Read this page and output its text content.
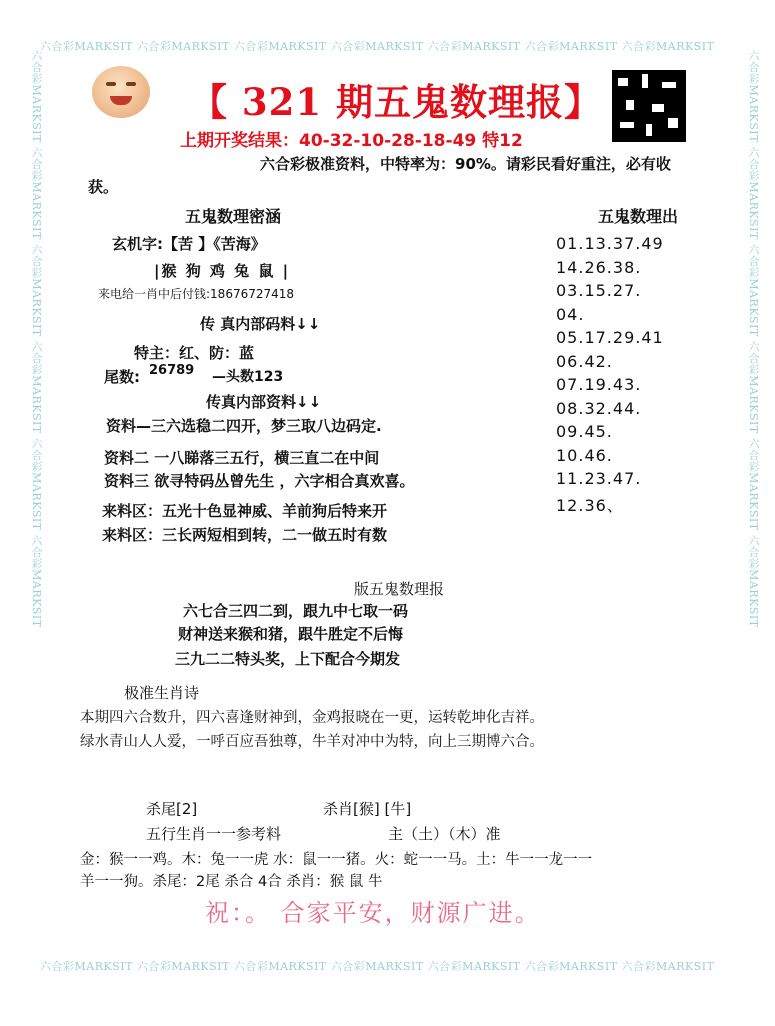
六合彩MARKSIT 六合彩MARKSIT 六合彩MARKSIT 六合彩MARKSIT 六合彩MARKSIT 六合彩MARKSIT 六合彩MARKSIT
六合彩MARKSIT 六合彩MARKSIT 六合彩MARKSIT 六合彩MARKSIT 六合彩MARKSIT 六合彩MARKSIT 六合彩MARKSIT
六合彩MARKSIT 六合彩MARKSIT 六合彩MARKSIT 六合彩MARKSIT 六合彩MARKSIT 六合彩MARKSIT	六合彩MARKSIT 六合彩MARKSIT 六合彩MARKSIT 六合彩MARKSIT 六合彩MARKSIT 六合彩MARKSIT
【 321 期五鬼数理报】
上期开奖结果：40-32-10-28-18-49 特12
六合彩极准资料，中特率为：90%。请彩民看好重注，必有收
获。
五鬼数理密涵	五鬼数理出
玄机字:【苦 】《苦海》
|猴 狗 鸡 兔 鼠 |
来电给一肖中后付钱:18676727418
传 真内部码料↓↓
特主：红、防：蓝
尾数: 26789 —头数123
传真内部资料↓↓
资料—三六选稳二四开，梦三取八边码定.
资料二 一八睇落三五行，横三直二在中间
资料三 欲寻特码丛曾先生 ，六字相合真欢喜。
来料区：五光十色显神威、羊前狗后特来开
来料区：三长两短相到转，二一做五时有数
01.13.37.49
14.26.38.
03.15.27.
04.
05.17.29.41
06.42.
07.19.43.
08.32.44.
09.45.
10.46.
11.23.47.
12.36、
版五鬼数理报
六七合三四二到，跟九中七取一码
财神送来猴和猪，跟牛胜定不后悔
三九二二特头奖，上下配合今期发
极准生肖诗
本期四六合数升，四六喜逢财神到，金鸡报晓在一更，运转乾坤化吉祥。
绿水青山人人爱，一呼百应吾独尊，牛羊对冲中为特，向上三期博六合。
杀尾[2]	杀肖[猴] [牛]
五行生肖一一参考料	主（土）（木）准
金：猴一一鸡。木：兔一一虎 水：鼠一一猪。火：蛇一一马。土：牛一一龙一一
羊一一狗。杀尾：2尾 杀合 4合 杀肖：猴 鼠 牛
祝：。 合家平安，财源广进。
